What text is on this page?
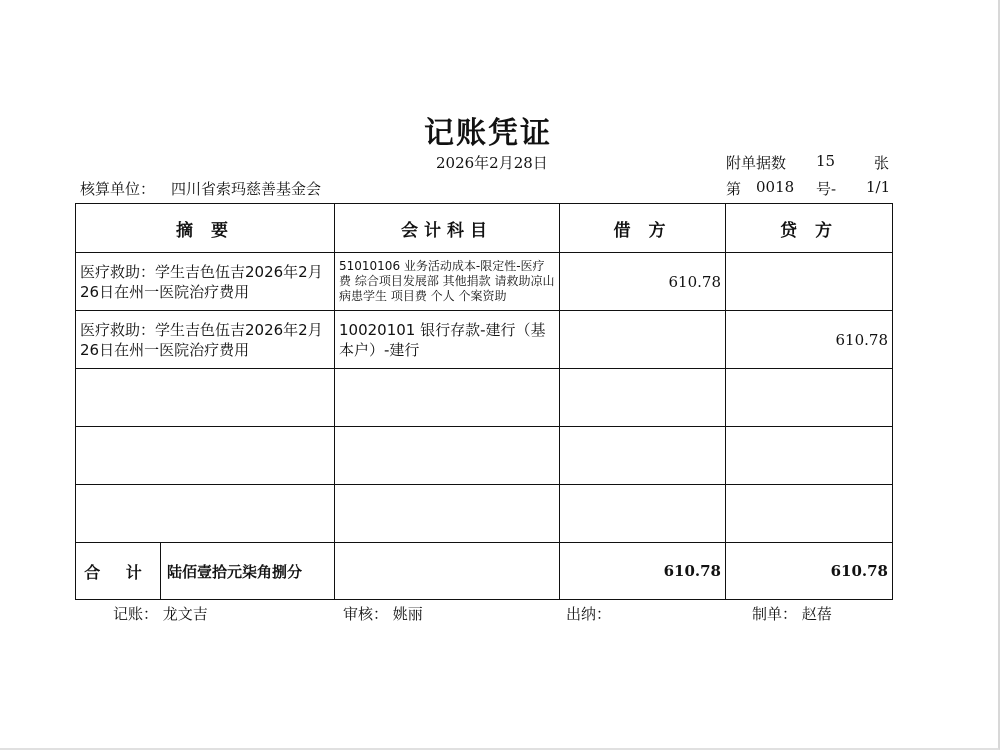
记账凭证
2026年2月28日	附单据数 15	张
核算单位： 四川省索玛慈善基金会	第 0018 号- 1/1
摘 要	会计科目	借 方	贷 方
医疗救助：学生吉色伍吉2026年2月26日在州一医院治疗费用	51010106 业务活动成本-限定性-医疗费 综合项目发展部 其他捐款 请救助凉山病患学生 项目费 个人 个案资助	610.78	
医疗救助：学生吉色伍吉2026年2月26日在州一医院治疗费用	10020101 银行存款-建行（基本户）-建行		610.78

合 计 陆佰壹拾元柒角捌分		610.78	610.78
记账： 龙文吉	审核： 姚丽	出纳：	制单： 赵蓓
